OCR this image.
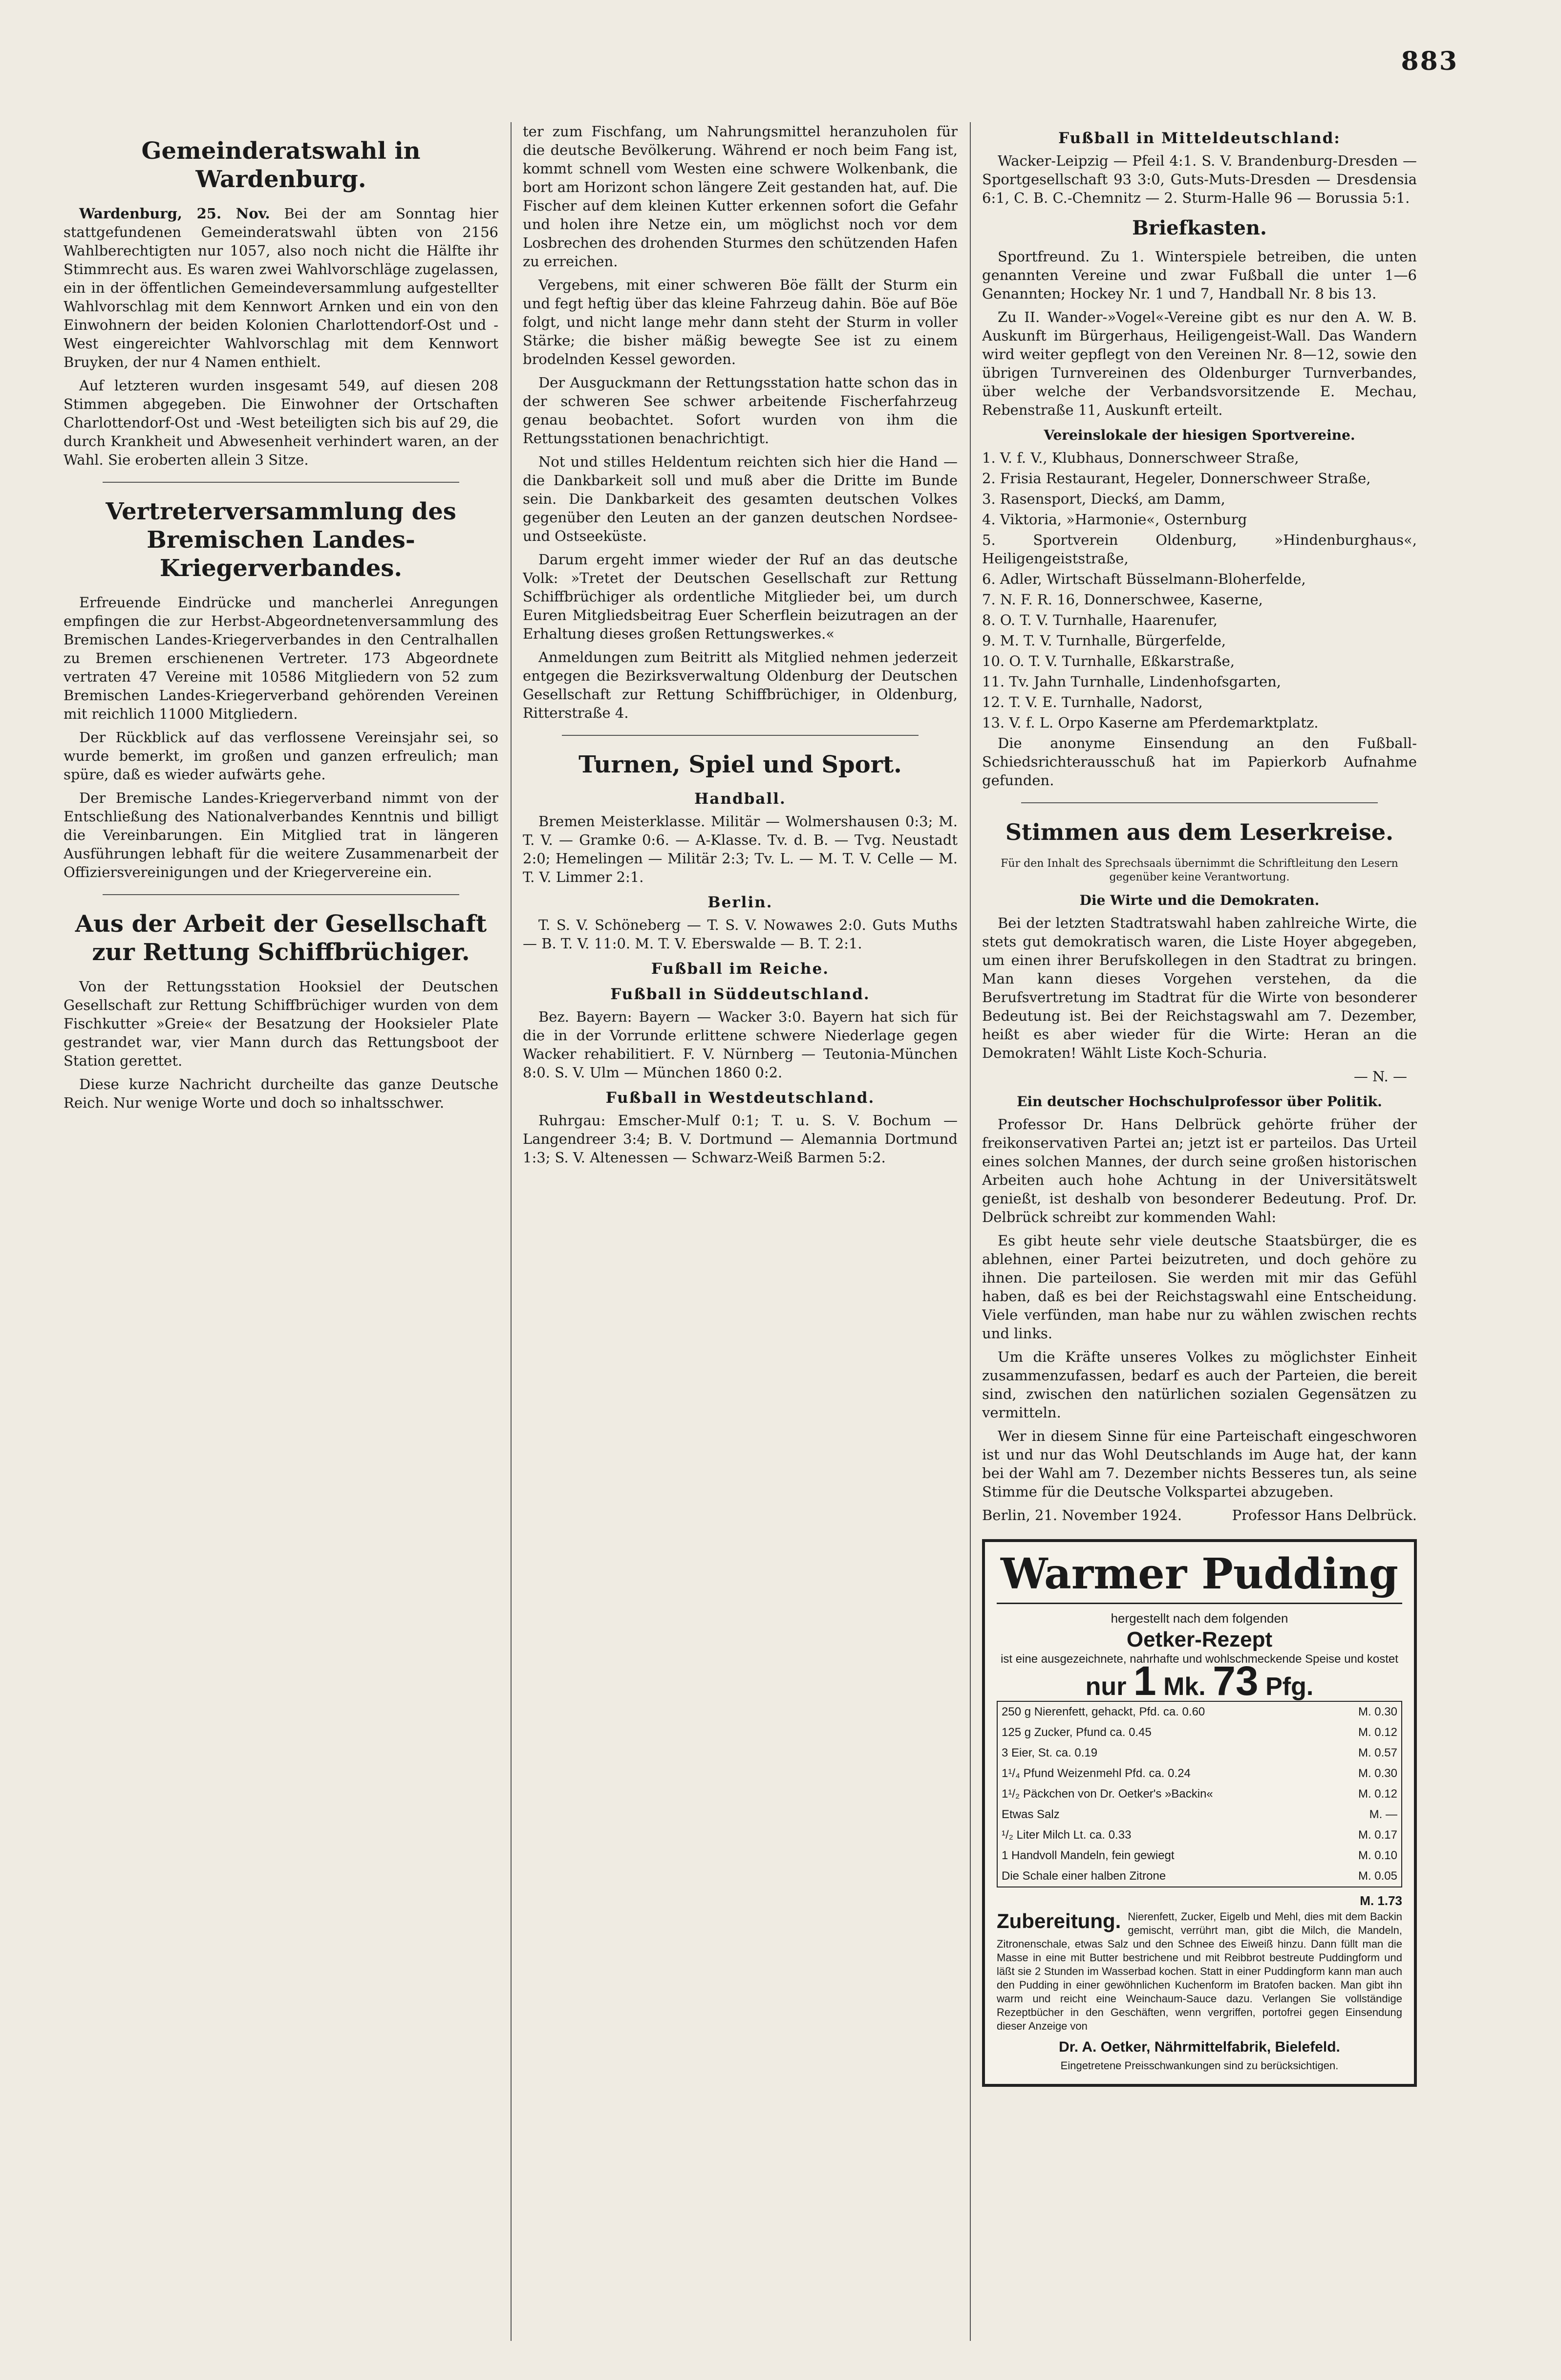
883
Gemeinderatswahl in Wardenburg.

Wardenburg, 25. Nov. Bei der am Sonntag hier stattgefundenen Gemeinderatswahl übten von 2156 Wahlberechtigten nur 1057, also noch nicht die Hälfte ihr Stimmrecht aus. Es waren zwei Wahlvorschläge zugelassen, ein in der öffentlichen Gemeindeversammlung aufgestellter Wahlvorschlag mit dem Kennwort Arnken und ein von den Einwohnern der beiden Kolonien Charlottendorf-Ost und -West eingereichter Wahlvorschlag mit dem Kennwort Bruyken, der nur 4 Namen enthielt.

Auf letzteren wurden insgesamt 549, auf diesen 208 Stimmen abgegeben. Die Einwohner der Ortschaften Charlottendorf-Ost und -West beteiligten sich bis auf 29, die durch Krankheit und Abwesenheit verhindert waren, an der Wahl. Sie eroberten allein 3 Sitze.

Vertreterversammlung des Bremischen Landes-Kriegerverbandes.

Erfreuende Eindrücke und mancherlei Anregungen empfingen die zur Herbst-Abgeordnetenversammlung des Bremischen Landes-Kriegerverbandes in den Centralhallen zu Bremen erschienenen Vertreter. 173 Abgeordnete vertraten 47 Vereine mit 10586 Mitgliedern von 52 zum Bremischen Landes-Kriegerverband gehörenden Vereinen mit reichlich 11000 Mitgliedern.

Der Rückblick auf das verflossene Vereinsjahr sei, so wurde bemerkt, im großen und ganzen erfreulich; man spüre, daß es wieder aufwärts gehe.

Der Bremische Landes-Kriegerverband nimmt von der Entschließung des Nationalverbandes Kenntnis und billigt die Vereinbarungen. Ein Mitglied trat in längeren Ausführungen lebhaft für die weitere Zusammenarbeit der Offiziersvereinigungen und der Kriegervereine ein.

Aus der Arbeit der Gesellschaft zur Rettung Schiffbrüchiger.

Von der Rettungsstation Hooksiel der Deutschen Gesellschaft zur Rettung Schiffbrüchiger wurden von dem Fischkutter »Greie« der Besatzung der Hooksieler Plate gestrandet war, vier Mann durch das Rettungsboot der Station gerettet.

Diese kurze Nachricht durcheilte das ganze Deutsche Reich. Nur wenige Worte und doch so inhaltsschwer.

ter zum Fischfang, um Nahrungsmittel heranzuholen für die deutsche Bevölkerung. Während er noch beim Fang ist, kommt schnell vom Westen eine schwere Wolkenbank, die bort am Horizont schon längere Zeit gestanden hat, auf. Die Fischer auf dem kleinen Kutter erkennen sofort die Gefahr und holen ihre Netze ein, um möglichst noch vor dem Losbrechen des drohenden Sturmes den schützenden Hafen zu erreichen.

Vergebens, mit einer schweren Böe fällt der Sturm ein und fegt heftig über das kleine Fahrzeug dahin. Böe auf Böe folgt, und nicht lange mehr dann steht der Sturm in voller Stärke; die bisher mäßig bewegte See ist zu einem brodelnden Kessel geworden.

Der Ausguckmann der Rettungsstation hatte schon das in der schweren See schwer arbeitende Fischerfahrzeug genau beobachtet. Sofort wurden von ihm die Rettungsstationen benachrichtigt.

Not und stilles Heldentum reichten sich hier die Hand — die Dankbarkeit soll und muß aber die Dritte im Bunde sein. Die Dankbarkeit des gesamten deutschen Volkes gegenüber den Leuten an der ganzen deutschen Nordsee- und Ostseeküste.

Darum ergeht immer wieder der Ruf an das deutsche Volk: »Tretet der Deutschen Gesellschaft zur Rettung Schiffbrüchiger als ordentliche Mitglieder bei, um durch Euren Mitgliedsbeitrag Euer Scherflein beizutragen an der Erhaltung dieses großen Rettungswerkes.«

Anmeldungen zum Beitritt als Mitglied nehmen jederzeit entgegen die Bezirksverwaltung Oldenburg der Deutschen Gesellschaft zur Rettung Schiffbrüchiger, in Oldenburg, Ritterstraße 4.

Turnen, Spiel und Sport.
Handball.

Bremen Meisterklasse. Militär — Wolmershausen 0:3; M. T. V. — Gramke 0:6. — A-Klasse. Tv. d. B. — Tvg. Neustadt 2:0; Hemelingen — Militär 2:3; Tv. L. — M. T. V. Celle — M. T. V. Limmer 2:1.

Berlin.

T. S. V. Schöneberg — T. S. V. Nowawes 2:0. Guts Muths — B. T. V. 11:0. M. T. V. Eberswalde — B. T. 2:1.

Fußball im Reiche.
Fußball in Süddeutschland.

Bez. Bayern: Bayern — Wacker 3:0. Bayern hat sich für die in der Vorrunde erlittene schwere Niederlage gegen Wacker rehabilitiert. F. V. Nürnberg — Teutonia-München 8:0. S. V. Ulm — München 1860 0:2.

Fußball in Westdeutschland.

Ruhrgau: Emscher-Mulf 0:1; T. u. S. V. Bochum — Langendreer 3:4; B. V. Dortmund — Alemannia Dortmund 1:3; S. V. Altenessen — Schwarz-Weiß Barmen 5:2.

Fußball in Mitteldeutschland:

Wacker-Leipzig — Pfeil 4:1. S. V. Brandenburg-Dresden — Sportgesellschaft 93 3:0, Guts-Muts-Dresden — Dresdensia 6:1, C. B. C.-Chemnitz — 2. Sturm-Halle 96 — Borussia 5:1.

Briefkasten.

Sportfreund. Zu 1. Winterspiele betreiben, die unten genannten Vereine und zwar Fußball die unter 1—6 Genannten; Hockey Nr. 1 und 7, Handball Nr. 8 bis 13.

Zu II. Wander-»Vogel«-Vereine gibt es nur den A. W. B. Auskunft im Bürgerhaus, Heiligengeist-Wall. Das Wandern wird weiter gepflegt von den Vereinen Nr. 8—12, sowie den übrigen Turnvereinen des Oldenburger Turnverbandes, über welche der Verbandsvorsitzende E. Mechau, Rebenstraße 11, Auskunft erteilt.

Vereinslokale der hiesigen Sportvereine.

1. V. f. V., Klubhaus, Donnerschweer Straße,

2. Frisia Restaurant, Hegeler, Donnerschweer Straße,

3. Rasensport, Dieckś, am Damm,

4. Viktoria, »Harmonie«, Osternburg

5. Sportverein Oldenburg, »Hindenburghaus«, Heiligengeiststraße,

6. Adler, Wirtschaft Büsselmann-Bloherfelde,

7. N. F. R. 16, Donnerschwee, Kaserne,

8. O. T. V. Turnhalle, Haarenufer,

9. M. T. V. Turnhalle, Bürgerfelde,

10. O. T. V. Turnhalle, Eßkarstraße,

11. Tv. Jahn Turnhalle, Lindenhofsgarten,

12. T. V. E. Turnhalle, Nadorst,

13. V. f. L. Orpo Kaserne am Pferdemarktplatz.

Die anonyme Einsendung an den Fußball-Schiedsrichterausschuß hat im Papierkorb Aufnahme gefunden.

Stimmen aus dem Leserkreise.
Für den Inhalt des Sprechsaals übernimmt die Schriftleitung den Lesern gegenüber keine Verantwortung.
Die Wirte und die Demokraten.

Bei der letzten Stadtratswahl haben zahlreiche Wirte, die stets gut demokratisch waren, die Liste Hoyer abgegeben, um einen ihrer Berufskollegen in den Stadtrat zu bringen. Man kann dieses Vorgehen verstehen, da die Berufsvertretung im Stadtrat für die Wirte von besonderer Bedeutung ist. Bei der Reichstagswahl am 7. Dezember, heißt es aber wieder für die Wirte: Heran an die Demokraten! Wählt Liste Koch-Schuria.

— N. —

Ein deutscher Hochschulprofessor über Politik.

Professor Dr. Hans Delbrück gehörte früher der freikonservativen Partei an; jetzt ist er parteilos. Das Urteil eines solchen Mannes, der durch seine großen historischen Arbeiten auch hohe Achtung in der Universitätswelt genießt, ist deshalb von besonderer Bedeutung. Prof. Dr. Delbrück schreibt zur kommenden Wahl:

Es gibt heute sehr viele deutsche Staatsbürger, die es ablehnen, einer Partei beizutreten, und doch gehöre zu ihnen. Die parteilosen. Sie werden mit mir das Gefühl haben, daß es bei der Reichstagswahl eine Entscheidung. Viele verfünden, man habe nur zu wählen zwischen rechts und links.

Um die Kräfte unseres Volkes zu möglichster Einheit zusammenzufassen, bedarf es auch der Parteien, die bereit sind, zwischen den natürlichen sozialen Gegensätzen zu vermitteln.

Wer in diesem Sinne für eine Parteischaft eingeschworen ist und nur das Wohl Deutschlands im Auge hat, der kann bei der Wahl am 7. Dezember nichts Besseres tun, als seine Stimme für die Deutsche Volkspartei abzugeben.

Berlin, 21. November 1924.	Professor Hans Delbrück.

Warmer Pudding
hergestellt nach dem folgenden
Oetker-Rezept
ist eine ausgezeichnete, nahrhafte und wohlschmeckende Speise und kostet
nur 1 Mk. 73 Pfg.
250 g Nierenfett, gehackt, Pfd. ca. 0.60	M. 0.30
125 g Zucker, Pfund ca. 0.45	M. 0.12
3 Eier, St. ca. 0.19	M. 0.57
1¹/₄ Pfund Weizenmehl Pfd. ca. 0.24	M. 0.30
1¹/₂ Päckchen von Dr. Oetker's »Backin«	M. 0.12
Etwas Salz	M. —
¹/₂ Liter Milch Lt. ca. 0.33	M. 0.17
1 Handvoll Mandeln, fein gewiegt	M. 0.10
Die Schale einer halben Zitrone	M. 0.05
M. 1.73
Zubereitung. Nierenfett, Zucker, Eigelb und Mehl, dies mit dem Backin gemischt, verrührt man, gibt die Milch, die Mandeln, Zitronenschale, etwas Salz und den Schnee des Eiweiß hinzu. Dann füllt man die Masse in eine mit Butter bestrichene und mit Reibbrot bestreute Puddingform und läßt sie 2 Stunden im Wasserbad kochen. Statt in einer Puddingform kann man auch den Pudding in einer gewöhnlichen Kuchenform im Bratofen backen. Man gibt ihn warm und reicht eine Weinchaum-Sauce dazu. Verlangen Sie vollständige Rezeptbücher in den Geschäften, wenn vergriffen, portofrei gegen Einsendung dieser Anzeige von
Dr. A. Oetker, Nährmittelfabrik, Bielefeld.
Eingetretene Preisschwankungen sind zu berücksichtigen.
